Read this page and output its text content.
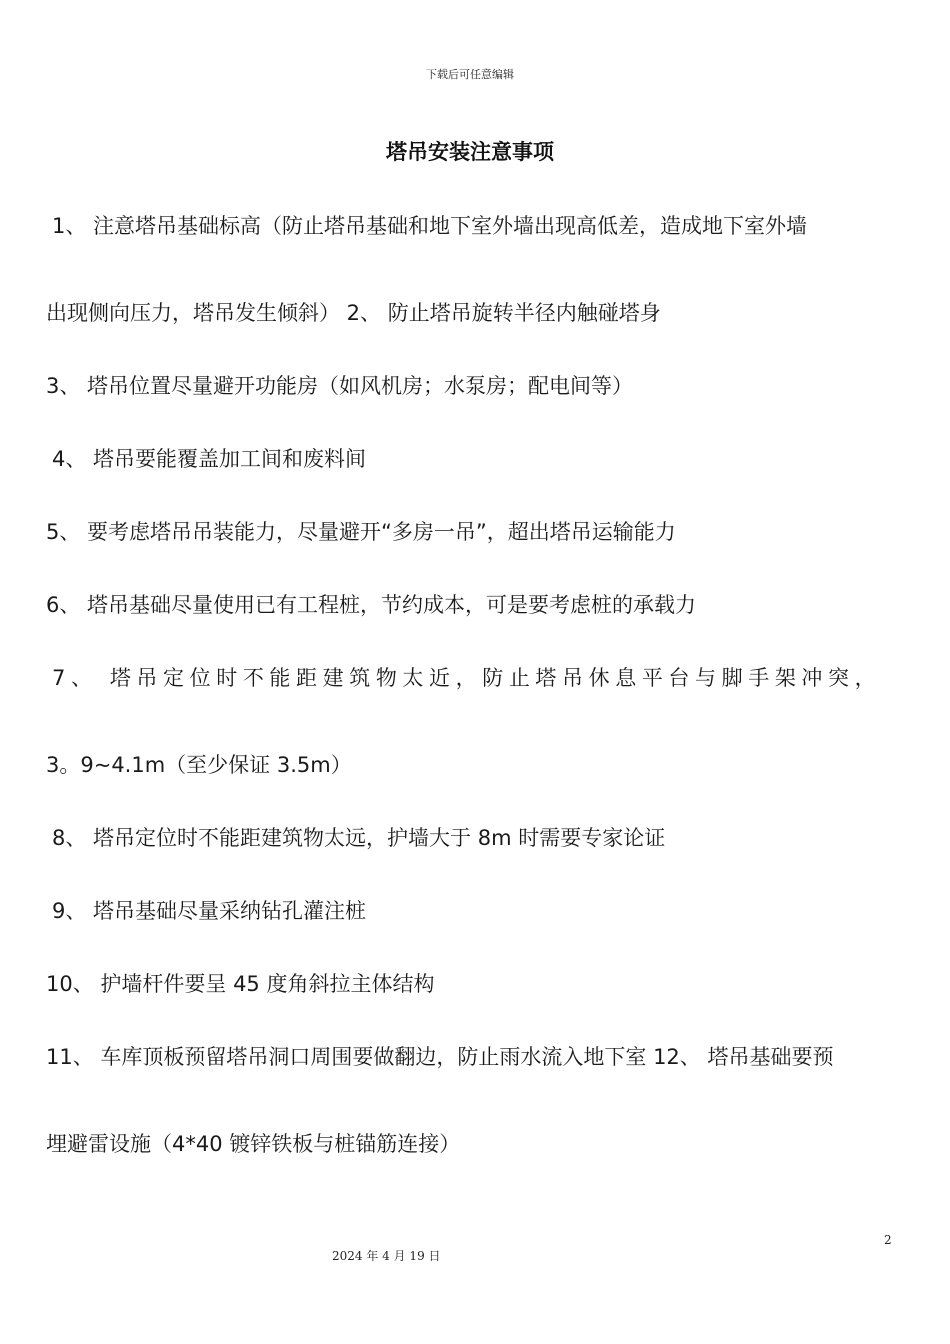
下载后可任意编辑
塔吊安装注意事项
1、 注意塔吊基础标高（防止塔吊基础和地下室外墙出现高低差，造成地下室外墙
出现侧向压力，塔吊发生倾斜） 2、 防止塔吊旋转半径内触碰塔身
3、 塔吊位置尽量避开功能房（如风机房；水泵房；配电间等）
4、 塔吊要能覆盖加工间和废料间
5、 要考虑塔吊吊装能力，尽量避开“多房一吊”，超出塔吊运输能力
6、 塔吊基础尽量使用已有工程桩，节约成本，可是要考虑桩的承载力
7、 塔吊定位时不能距建筑物太近，防止塔吊休息平台与脚手架冲突，
3。9~4.1m（至少保证 3.5m）
8、 塔吊定位时不能距建筑物太远，护墙大于 8m 时需要专家论证
9、 塔吊基础尽量采纳钻孔灌注桩
10、 护墙杆件要呈 45 度角斜拉主体结构
11、 车库顶板预留塔吊洞口周围要做翻边，防止雨水流入地下室 12、 塔吊基础要预
埋避雷设施（4*40 镀锌铁板与桩锚筋连接）
2
2024 年 4 月 19 日
